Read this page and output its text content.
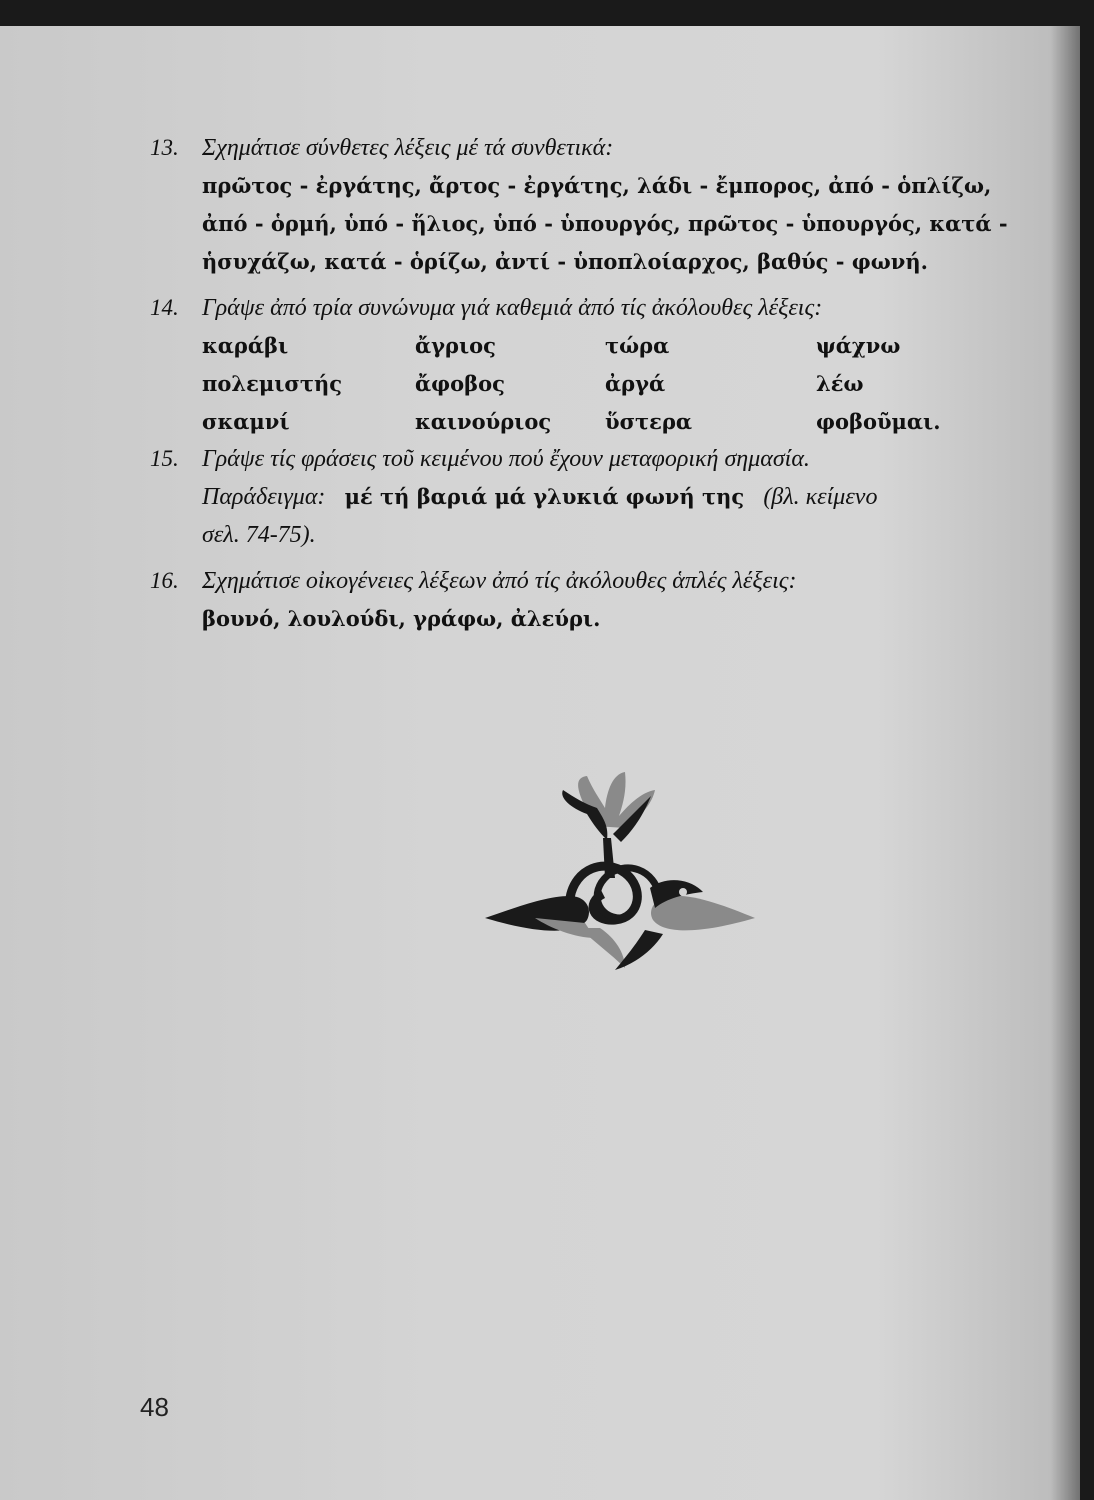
13. Σχημάτισε σύνθετες λέξεις μέ τά συνθετικά:
πρῶτος - ἐργάτης, ἄρτος - ἐργάτης, λάδι - ἔμπορος, ἀπό - ὁπλίζω,
ἀπό - ὁρμή, ὑπό - ἥλιος, ὑπό - ὑπουργός, πρῶτος - ὑπουργός, κατά -
ἡσυχάζω, κατά - ὁρίζω, ἀντί - ὑποπλοίαρχος, βαθύς - φωνή.
14. Γράψε ἀπό τρία συνώνυμα γιά καθεμιά ἀπό τίς ἀκόλουθες λέξεις:
καράβι	ἄγριος	τώρα	ψάχνω
πολεμιστής	ἄφοβος	ἀργά	λέω
σκαμνί	καινούριος	ὕστερα	φοβοῦμαι.
15. Γράψε τίς φράσεις τοῦ κειμένου πού ἔχουν μεταφορική σημασία.
Παράδειγμα: μέ τή βαριά μά γλυκιά φωνή της (βλ. κείμενο
σελ. 74-75).
16. Σχημάτισε οἰκογένειες λέξεων ἀπό τίς ἀκόλουθες ἁπλές λέξεις:
βουνό, λουλούδι, γράφω, ἀλεύρι.
48
